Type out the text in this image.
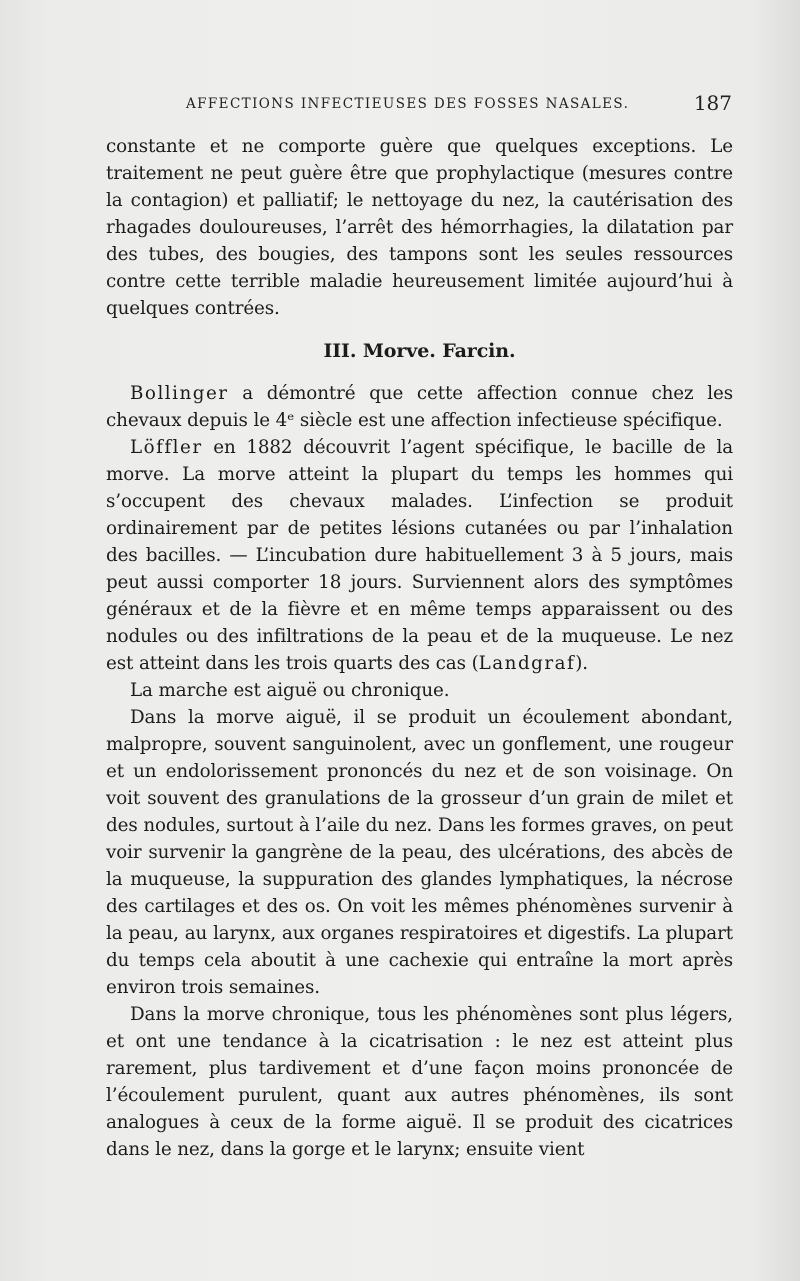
AFFECTIONS INFECTIEUSES DES FOSSES NASALES.	187

constante et ne comporte guère que quelques exceptions. Le traitement ne peut guère être que prophylactique (mesures contre la contagion) et palliatif; le nettoyage du nez, la cautérisation des rhagades douloureuses, l’arrêt des hémorrhagies, la dilatation par des tubes, des bougies, des tampons sont les seules ressources contre cette terrible maladie heureusement limitée aujourd’hui à quelques contrées.

III. Morve. Farcin.

Bollinger a démontré que cette affection connue chez les chevaux depuis le 4ᵉ siècle est une affection infectieuse spécifique.

Löffler en 1882 découvrit l’agent spécifique, le bacille de la morve. La morve atteint la plupart du temps les hommes qui s’occupent des chevaux malades. L’infection se produit ordinairement par de petites lésions cutanées ou par l’inhalation des bacilles. — L’incubation dure habituellement 3 à 5 jours, mais peut aussi comporter 18 jours. Surviennent alors des symptômes généraux et de la fièvre et en même temps apparaissent ou des nodules ou des infiltrations de la peau et de la muqueuse. Le nez est atteint dans les trois quarts des cas (Landgraf).

La marche est aiguë ou chronique.

Dans la morve aiguë, il se produit un écoulement abondant, malpropre, souvent sanguinolent, avec un gonflement, une rougeur et un endolorissement prononcés du nez et de son voisinage. On voit souvent des granulations de la grosseur d’un grain de milet et des nodules, surtout à l’aile du nez. Dans les formes graves, on peut voir survenir la gangrène de la peau, des ulcérations, des abcès de la muqueuse, la suppuration des glandes lymphatiques, la nécrose des cartilages et des os. On voit les mêmes phénomènes survenir à la peau, au larynx, aux organes respiratoires et digestifs. La plupart du temps cela aboutit à une cachexie qui entraîne la mort après environ trois semaines.

Dans la morve chronique, tous les phénomènes sont plus légers, et ont une tendance à la cicatrisation : le nez est atteint plus rarement, plus tardivement et d’une façon moins prononcée de l’écoulement purulent, quant aux autres phénomènes, ils sont analogues à ceux de la forme aiguë. Il se produit des cicatrices dans le nez, dans la gorge et le larynx; ensuite vient
